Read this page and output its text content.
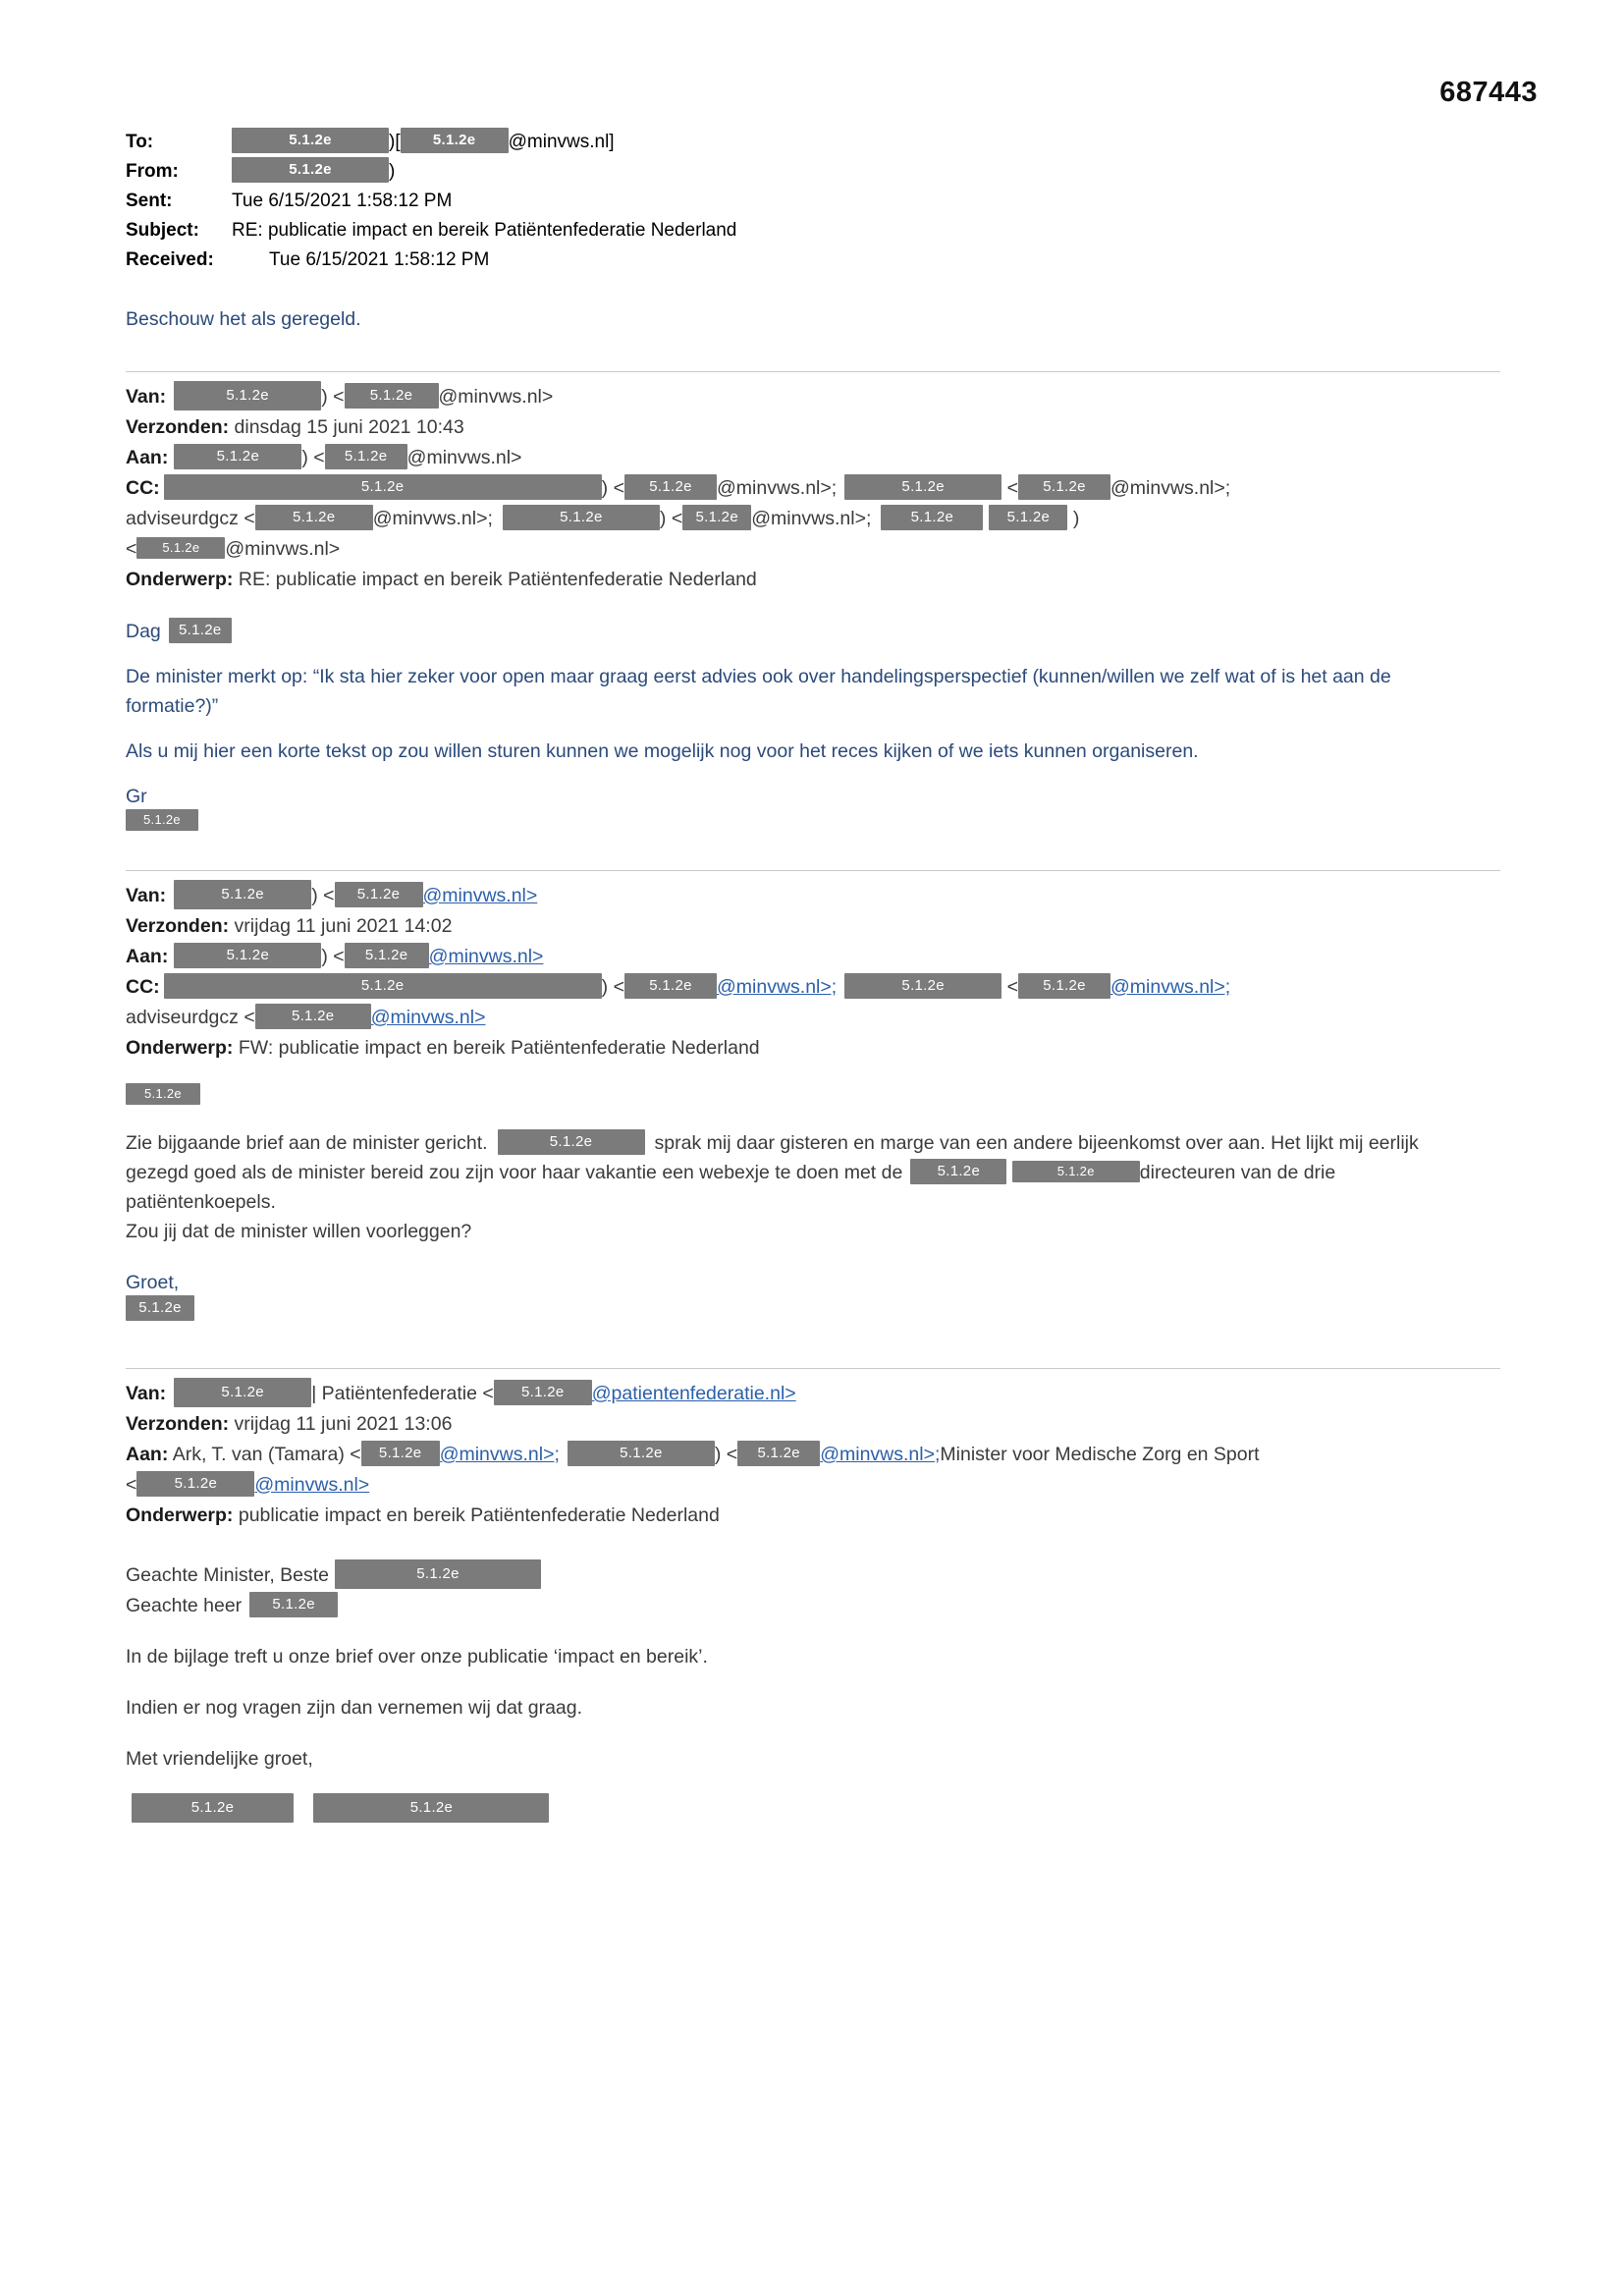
687443
To:	5.1.2e	)[ 5.1.2e @minvws.nl]
From:	5.1.2e	)
Sent:	Tue 6/15/2021 1:58:12 PM
Subject: RE: publicatie impact en bereik Patiëntenfederatie Nederland
Received:	Tue 6/15/2021 1:58:12 PM
Beschouw het als geregeld.
Van:	5.1.2e	) < 5.1.2e @minvws.nl>
Verzonden: dinsdag 15 juni 2021 10:43
Aan:	5.1.2e ) < 5.1.2e @minvws.nl>
CC:	5.1.2e	) < 5.1.2e @minvws.nl>;	5.1.2e	< 5.1.2e @minvws.nl>;
adviseurdgcz <	5.1.2e @minvws.nl>;	5.1.2e	) < 5.1.2e @minvws.nl>;	5.1.2e	5.1.2e )
< 5.1.2e @minvws.nl>
Onderwerp: RE: publicatie impact en bereik Patiëntenfederatie Nederland
Dag 5.1.2e
De minister merkt op: “Ik sta hier zeker voor open maar graag eerst advies ook over handelingsperspectief (kunnen/willen we zelf wat of is het aan de formatie?)”
Als u mij hier een korte tekst op zou willen sturen kunnen we mogelijk nog voor het reces kijken of we iets kunnen organiseren.
Gr
5.1.2e
Van:	5.1.2e ) < 5.1.2e @minvws.nl>
Verzonden: vrijdag 11 juni 2021 14:02
Aan:	5.1.2e	) < 5.1.2e @minvws.nl>
CC:	5.1.2e	) < 5.1.2e @minvws.nl>;	5.1.2e	< 5.1.2e @minvws.nl>;
adviseurdgcz < 5.1.2e @minvws.nl>
Onderwerp: FW: publicatie impact en bereik Patiëntenfederatie Nederland
5.1.2e
Zie bijgaande brief aan de minister gericht.	5.1.2e	sprak mij daar gisteren en marge van een andere bijeenkomst over aan. Het lijkt mij eerlijk gezegd goed als de minister bereid zou zijn voor haar vakantie een webexje te doen met de 5.1.2e	5.1.2e directeuren van de drie patiëntenkoepels.
Zou jij dat de minister willen voorleggen?
Groet,
5.1.2e
Van:	5.1.2e | Patiëntenfederatie < 5.1.2e @patientenfederatie.nl>
Verzonden: vrijdag 11 juni 2021 13:06
Aan: Ark, T. van (Tamara) < 5.1.2e @minvws.nl>;	5.1.2e	) < 5.1.2e @minvws.nl>;Minister voor Medische Zorg en Sport
<	5.1.2e @minvws.nl>
Onderwerp: publicatie impact en bereik Patiëntenfederatie Nederland
Geachte Minister, Beste	5.1.2e
Geachte heer 5.1.2e
In de bijlage treft u onze brief over onze publicatie ‘impact en bereik’.
Indien er nog vragen zijn dan vernemen wij dat graag.
Met vriendelijke groet,
5.1.2e	5.1.2e
